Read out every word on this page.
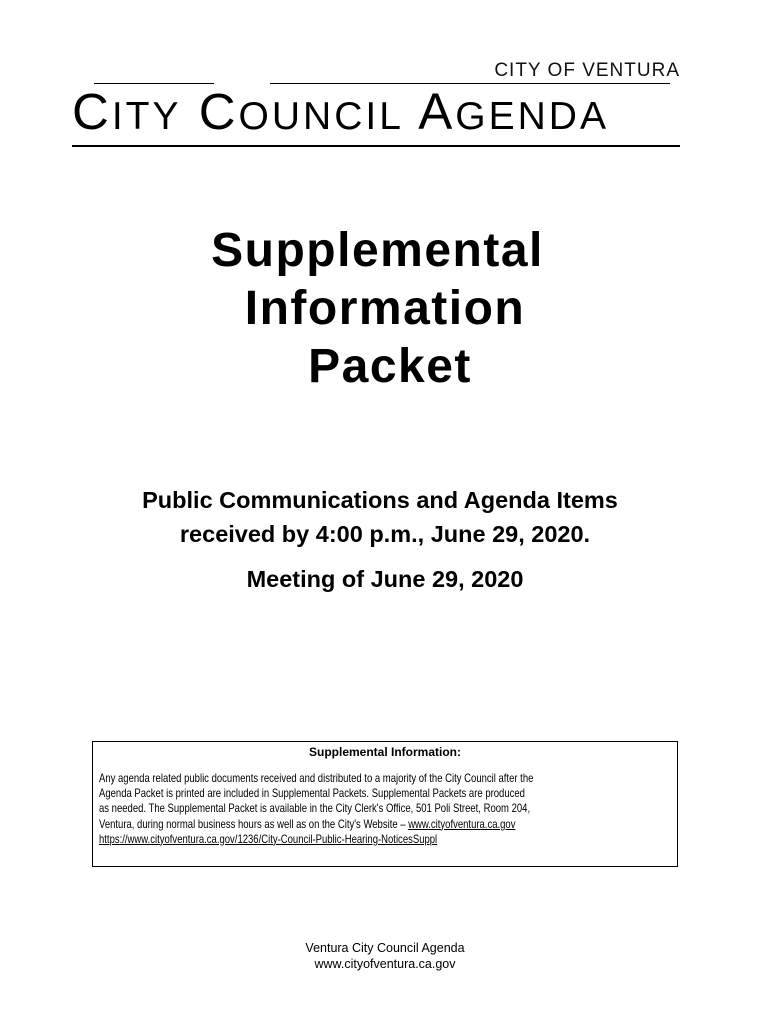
CITY OF VENTURA
CITY COUNCIL AGENDA
Supplemental
Information
Packet
Public Communications and Agenda Items
received by 4:00 p.m., June 29, 2020.
Meeting of June 29, 2020
Supplemental Information:
Any agenda related public documents received and distributed to a majority of the City Council after the
Agenda Packet is printed are included in Supplemental Packets. Supplemental Packets are produced
as needed. The Supplemental Packet is available in the City Clerk's Office, 501 Poli Street, Room 204,
Ventura, during normal business hours as well as on the City's Website – www.cityofventura.ca.gov
https://www.cityofventura.ca.gov/1236/City-Council-Public-Hearing-NoticesSuppl
Ventura City Council Agenda
www.cityofventura.ca.gov
